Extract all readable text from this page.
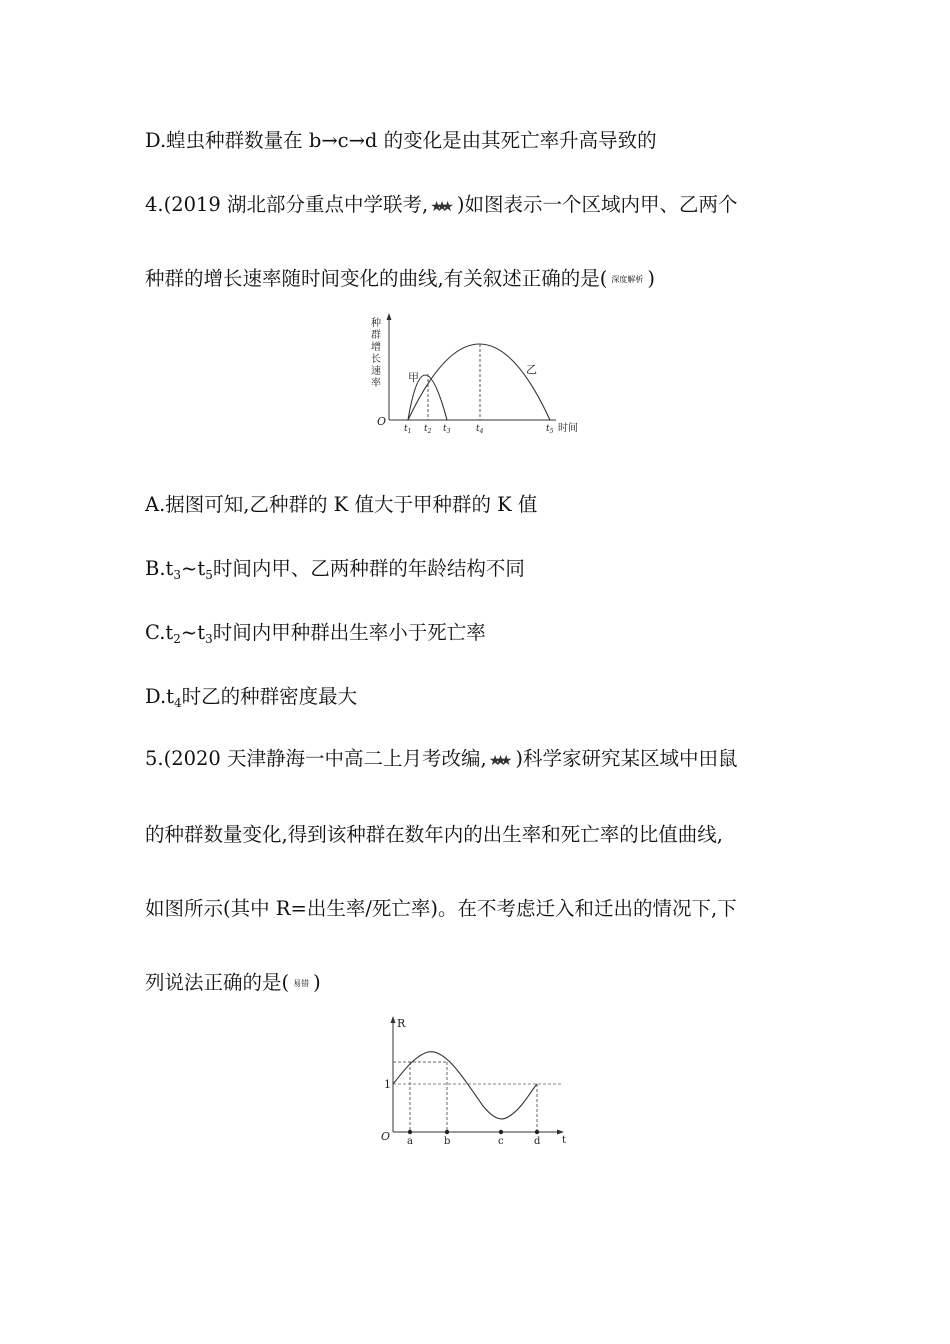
D.蝗虫种群数量在 b→c→d 的变化是由其死亡率升高导致的
4.(2019 湖北部分重点中学联考, ★★★ )如图表示一个区域内甲、乙两个
种群的增长速率随时间变化的曲线,有关叙述正确的是( 深度解析 )
种
群
增
长
速
率
O
甲
乙
$t_1$ $t_2$ $t_3$	$t_4$	$t_5$ 时间
A.据图可知,乙种群的 K 值大于甲种群的 K 值
$B.t_3\sim t_5$时间内甲、乙两种群的年龄结构不同
$C.t_2\sim t_3$时间内甲种群出生率小于死亡率
$D.t_4$时乙的种群密度最大
5.(2020 天津静海一中高二上月考改编, ★★★ )科学家研究某区域中田鼠
的种群数量变化,得到该种群在数年内的出生率和死亡率的比值曲线,
如图所示(其中 R=出生率/死亡率)。在不考虑迁入和迁出的情况下,下
列说法正确的是( 易错 )
R
O
1
a	b	c	d t
